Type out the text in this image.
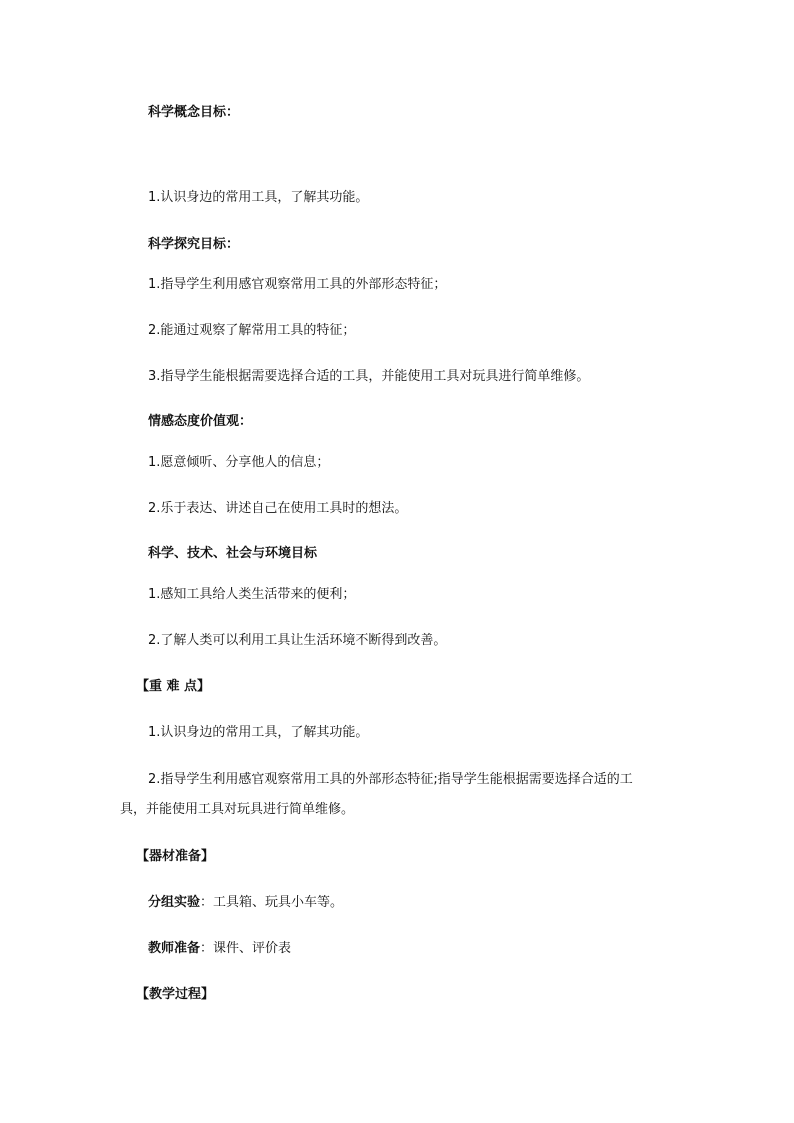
科学概念目标：
1.认识身边的常用工具，了解其功能。
科学探究目标：
1.指导学生利用感官观察常用工具的外部形态特征；
2.能通过观察了解常用工具的特征；
3.指导学生能根据需要选择合适的工具，并能使用工具对玩具进行简单维修。
情感态度价值观：
1.愿意倾听、分享他人的信息；
2.乐于表达、讲述自己在使用工具时的想法。
科学、技术、社会与环境目标
1.感知工具给人类生活带来的便利；
2.了解人类可以利用工具让生活环境不断得到改善。
【重 难 点】
1.认识身边的常用工具，了解其功能。
2.指导学生利用感官观察常用工具的外部形态特征;指导学生能根据需要选择合适的工
具，并能使用工具对玩具进行简单维修。
【器材准备】
分组实验：工具箱、玩具小车等。
教师准备：课件、评价表
【教学过程】
